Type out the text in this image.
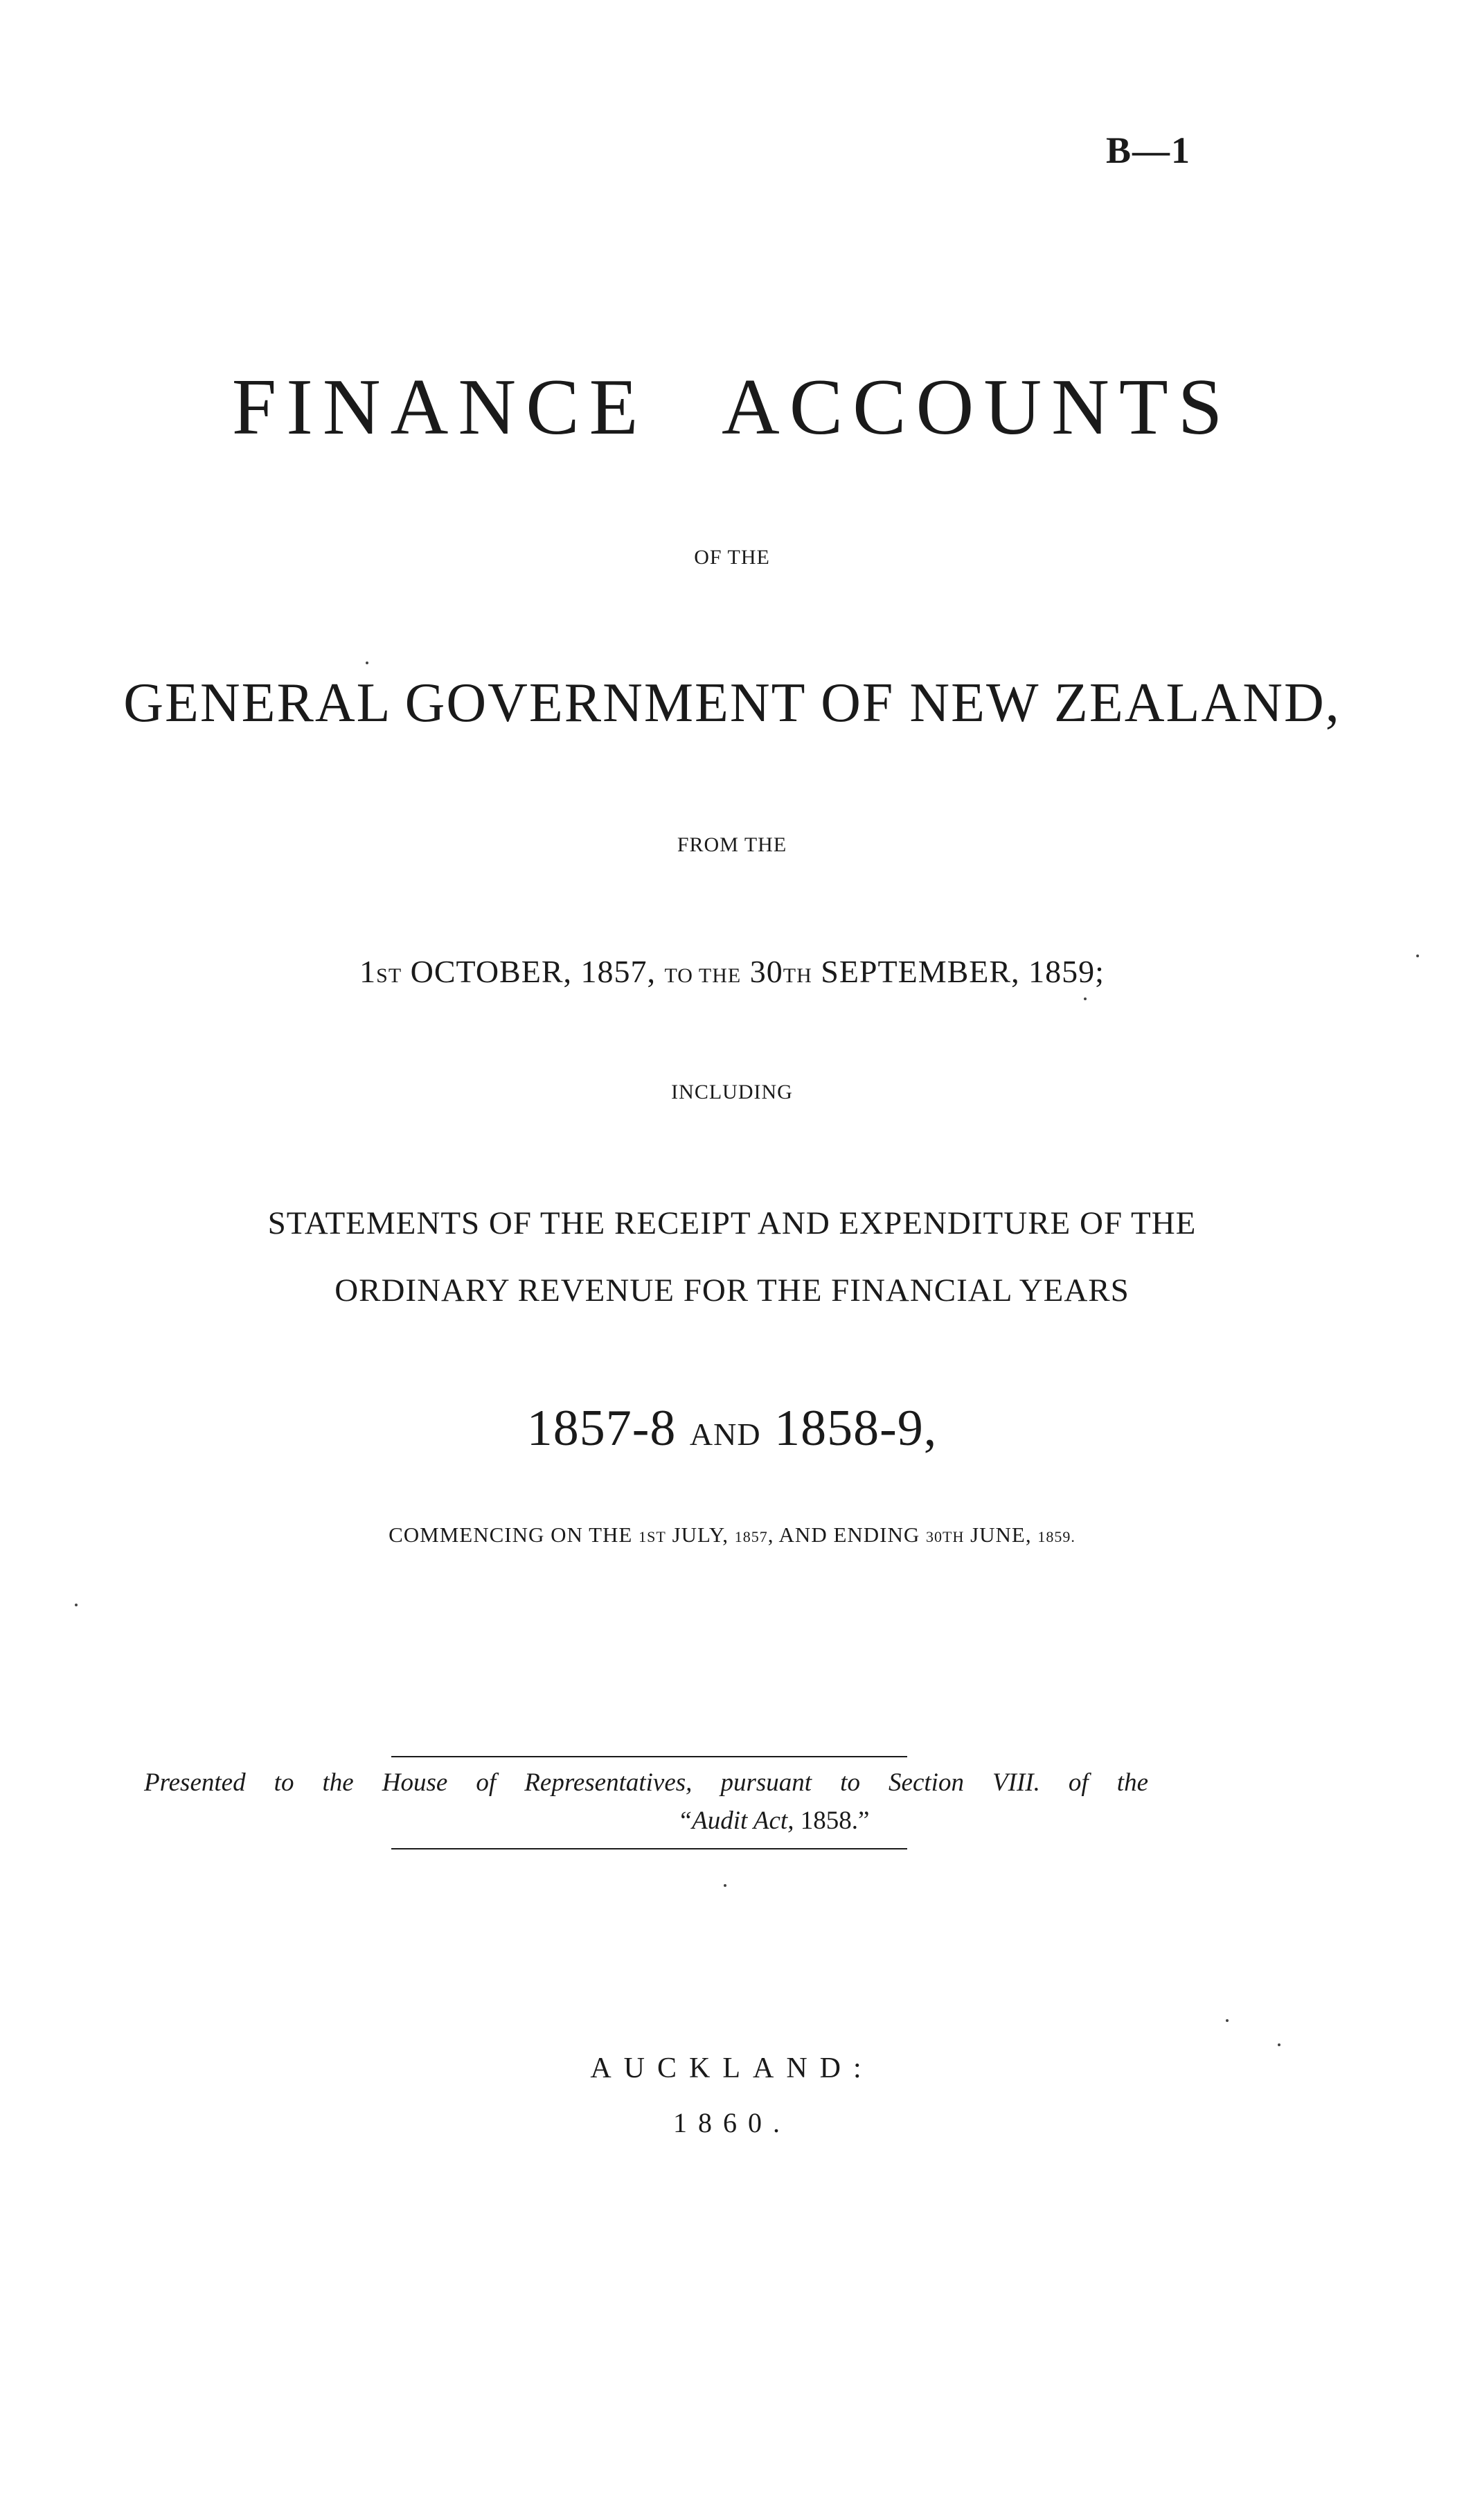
B—1
FINANCE ACCOUNTS
OF THE
GENERAL GOVERNMENT OF NEW ZEALAND,
FROM THE
1ST OCTOBER, 1857, TO THE 30TH SEPTEMBER, 1859;
INCLUDING
STATEMENTS OF THE RECEIPT AND EXPENDITURE OF THE
ORDINARY REVENUE FOR THE FINANCIAL YEARS
1857-8 AND 1858-9,
COMMENCING ON THE 1ST JULY, 1857, AND ENDING 30TH JUNE, 1859.
Presented to the House of Representatives, pursuant to Section VIII. of the
“Audit Act, 1858.”
AUCKLAND:
1860.
